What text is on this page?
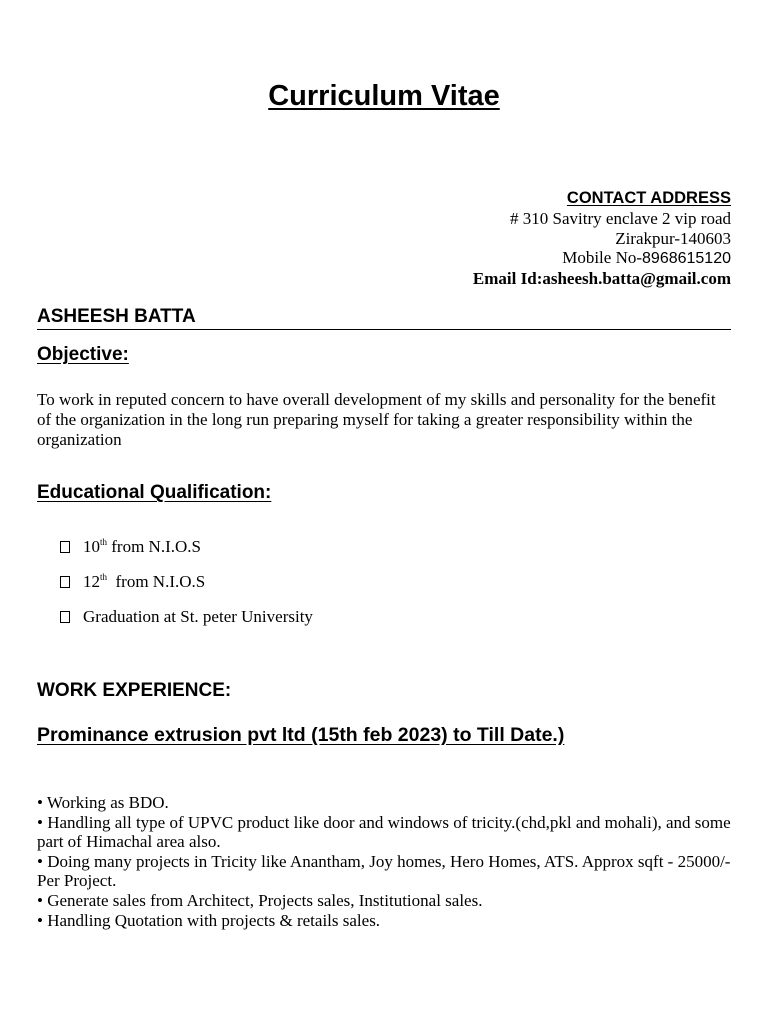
Curriculum Vitae
CONTACT ADDRESS
# 310 Savitry enclave 2 vip road
Zirakpur-140603
Mobile No-8968615120
Email Id:asheesh.batta@gmail.com
ASHEESH BATTA
Objective:
To work in reputed concern to have overall development of my skills and personality for the benefit of the organization in the long run preparing myself for taking a greater responsibility within the organization
Educational Qualification:
10th from N.I.O.S
12th  from N.I.O.S
Graduation at St. peter University
WORK EXPERIENCE:
Prominance extrusion pvt ltd (15th feb 2023) to Till Date.)
• Working as BDO.
• Handling all type of UPVC product like door and windows of tricity.(chd,pkl and mohali), and some part of Himachal area also.
• Doing many projects in Tricity like Anantham, Joy homes, Hero Homes, ATS. Approx sqft - 25000/- Per Project.
• Generate sales from Architect, Projects sales, Institutional sales.
• Handling Quotation with projects & retails sales.
